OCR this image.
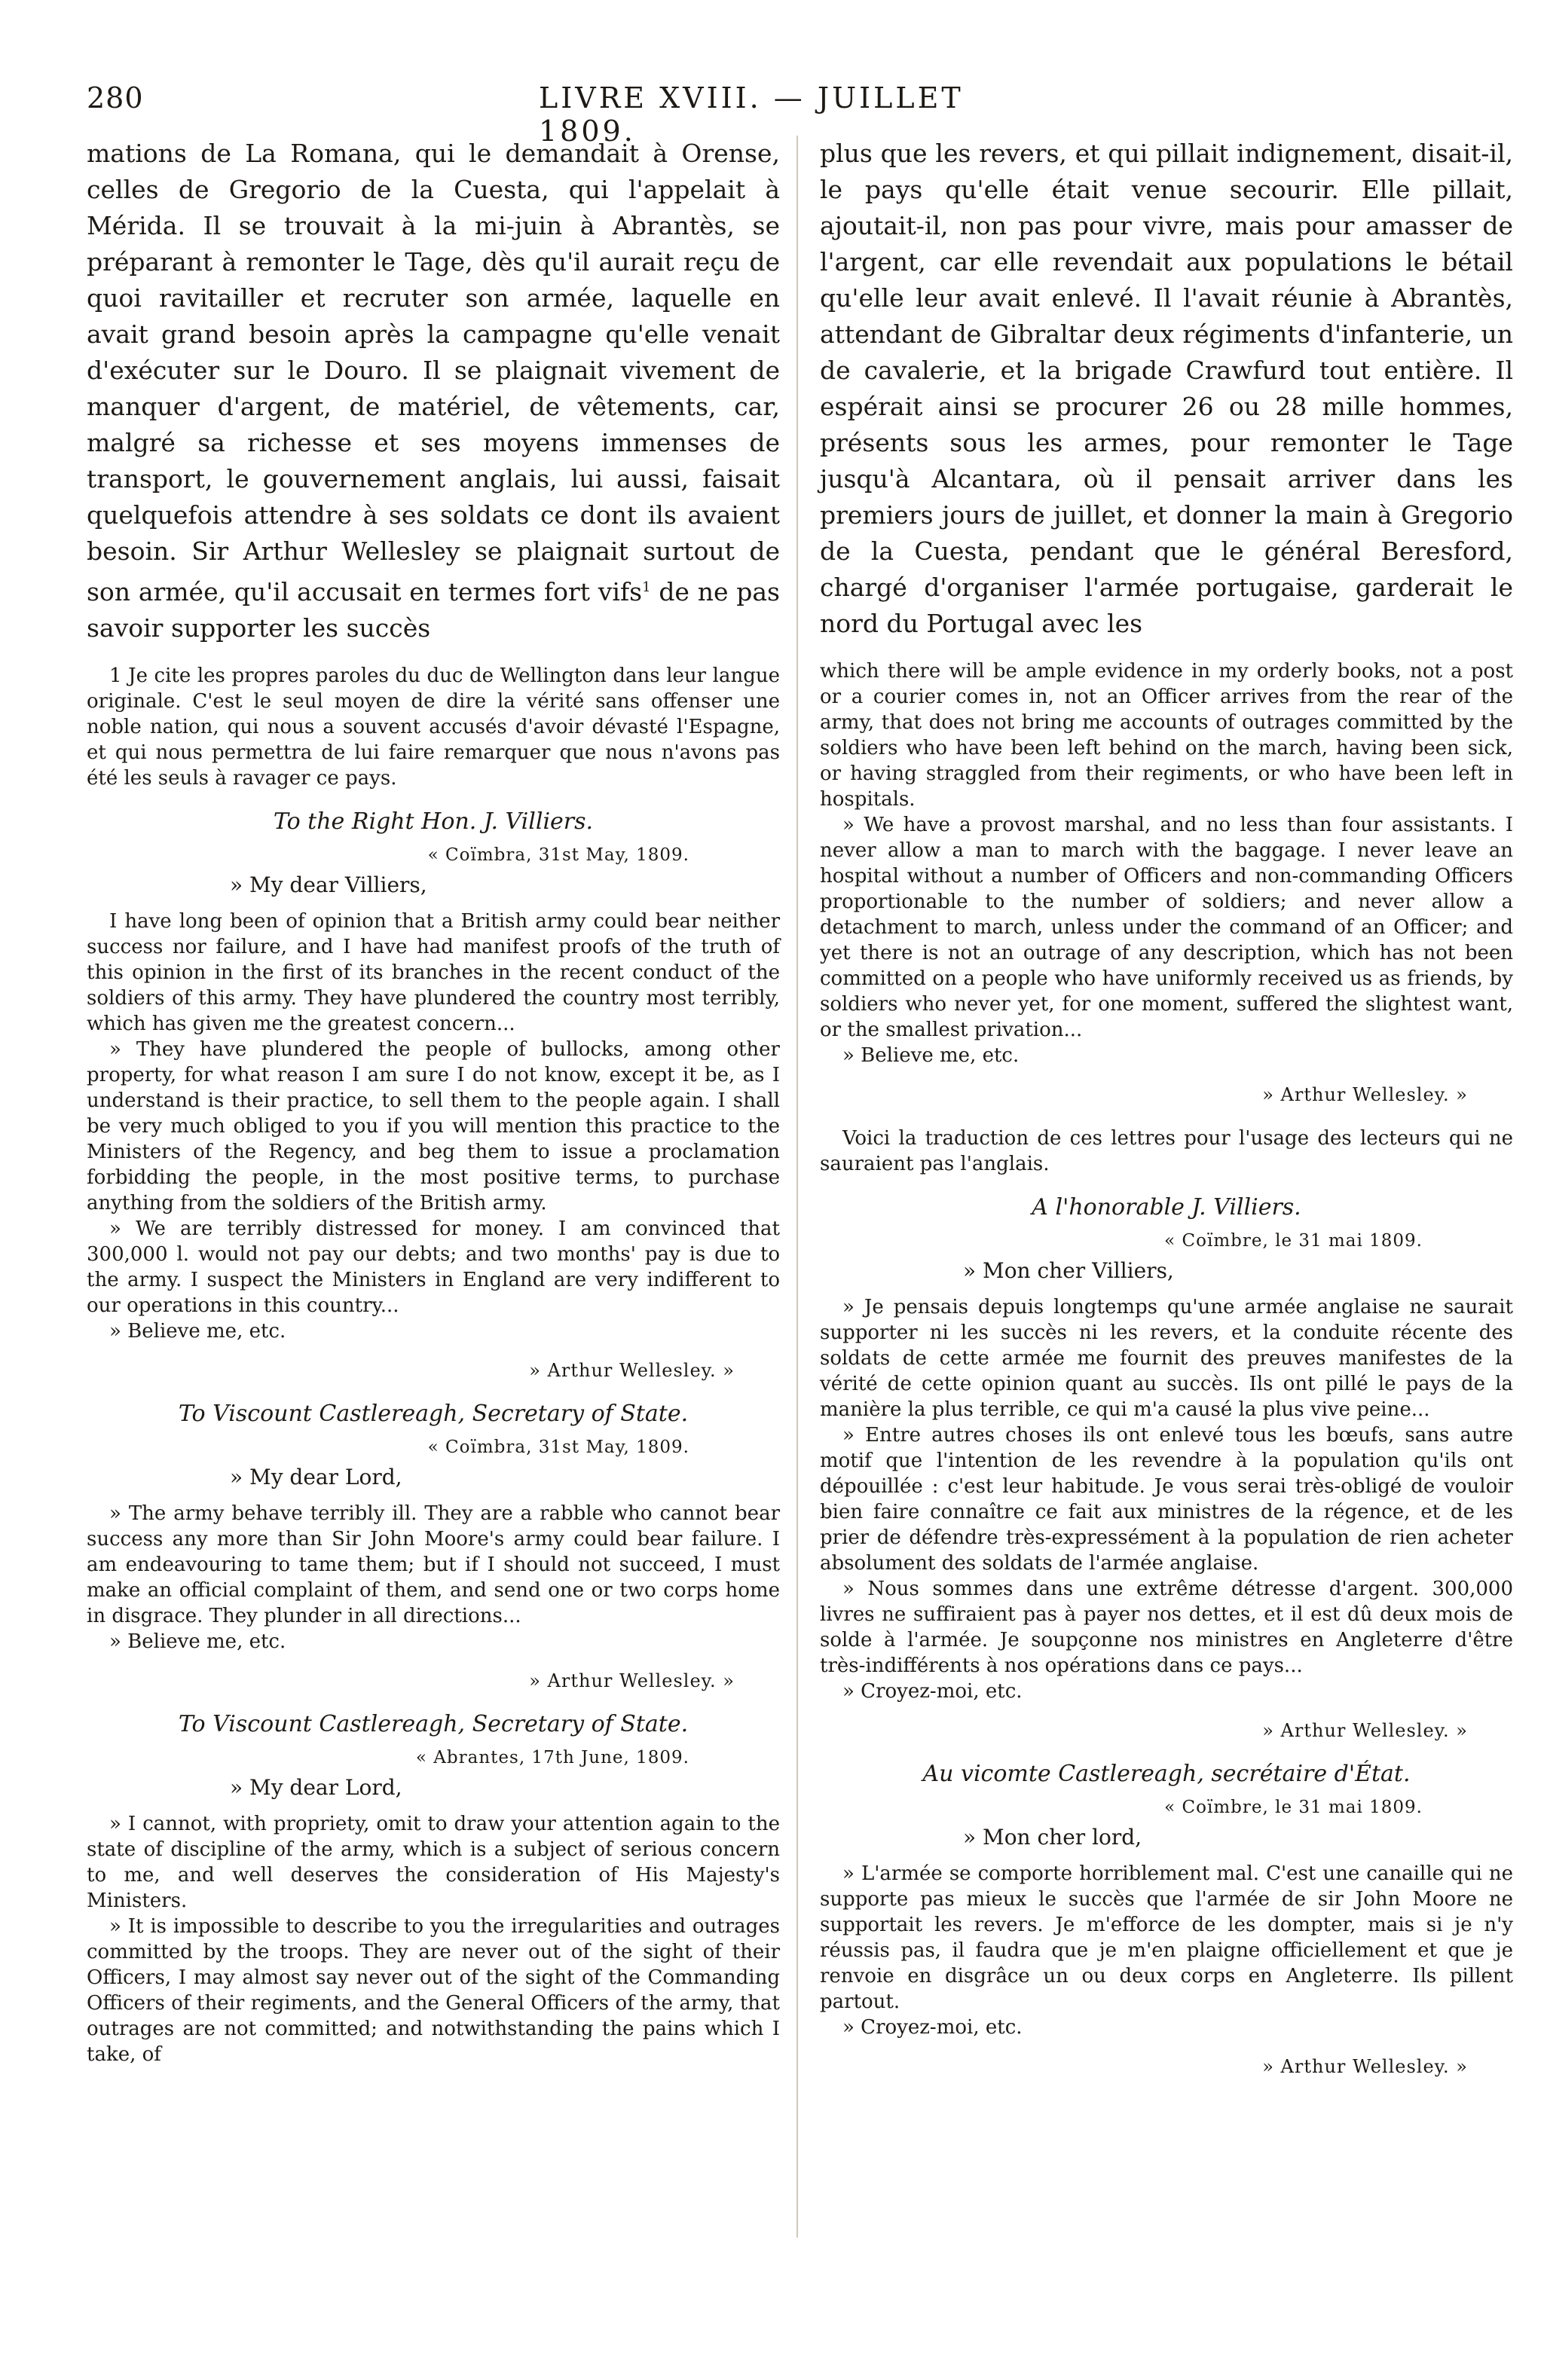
280	LIVRE XVIII. — JUILLET 1809.

mations de La Romana, qui le demandait à Orense, celles de Gregorio de la Cuesta, qui l'appelait à Mérida. Il se trouvait à la mi-juin à Abrantès, se préparant à remonter le Tage, dès qu'il aurait reçu de quoi ravitailler et recruter son armée, laquelle en avait grand besoin après la campagne qu'elle venait d'exécuter sur le Douro. Il se plaignait vivement de manquer d'argent, de matériel, de vêtements, car, malgré sa richesse et ses moyens immenses de transport, le gouvernement anglais, lui aussi, faisait quelquefois attendre à ses soldats ce dont ils avaient besoin. Sir Arthur Wellesley se plaignait surtout de son armée, qu'il accusait en termes fort vifs$^1$ de ne pas savoir supporter les succès

1 Je cite les propres paroles du duc de Wellington dans leur langue originale. C'est le seul moyen de dire la vérité sans offenser une noble nation, qui nous a souvent accusés d'avoir dévasté l'Espagne, et qui nous permettra de lui faire remarquer que nous n'avons pas été les seuls à ravager ce pays.

To the Right Hon. J. Villiers.
« Coïmbra, 31st May, 1809.
» My dear Villiers,

I have long been of opinion that a British army could bear neither success nor failure, and I have had manifest proofs of the truth of this opinion in the first of its branches in the recent conduct of the soldiers of this army. They have plundered the country most terribly, which has given me the greatest concern...

» They have plundered the people of bullocks, among other property, for what reason I am sure I do not know, except it be, as I understand is their practice, to sell them to the people again. I shall be very much obliged to you if you will mention this practice to the Ministers of the Regency, and beg them to issue a proclamation forbidding the people, in the most positive terms, to purchase anything from the soldiers of the British army.

» We are terribly distressed for money. I am convinced that 300,000 l. would not pay our debts; and two months' pay is due to the army. I suspect the Ministers in England are very indifferent to our operations in this country...

» Believe me, etc.

» Arthur Wellesley. »
To Viscount Castlereagh, Secretary of State.
« Coïmbra, 31st May, 1809.
» My dear Lord,

» The army behave terribly ill. They are a rabble who cannot bear success any more than Sir John Moore's army could bear failure. I am endeavouring to tame them; but if I should not succeed, I must make an official complaint of them, and send one or two corps home in disgrace. They plunder in all directions...

» Believe me, etc.

» Arthur Wellesley. »
To Viscount Castlereagh, Secretary of State.
« Abrantes, 17th June, 1809.
» My dear Lord,

» I cannot, with propriety, omit to draw your attention again to the state of discipline of the army, which is a subject of serious concern to me, and well deserves the consideration of His Majesty's Ministers.

» It is impossible to describe to you the irregularities and outrages committed by the troops. They are never out of the sight of their Officers, I may almost say never out of the sight of the Commanding Officers of their regiments, and the General Officers of the army, that outrages are not committed; and notwithstanding the pains which I take, of

plus que les revers, et qui pillait indignement, disait-il, le pays qu'elle était venue secourir. Elle pillait, ajoutait-il, non pas pour vivre, mais pour amasser de l'argent, car elle revendait aux populations le bétail qu'elle leur avait enlevé. Il l'avait réunie à Abrantès, attendant de Gibraltar deux régiments d'infanterie, un de cavalerie, et la brigade Crawfurd tout entière. Il espérait ainsi se procurer 26 ou 28 mille hommes, présents sous les armes, pour remonter le Tage jusqu'à Alcantara, où il pensait arriver dans les premiers jours de juillet, et donner la main à Gregorio de la Cuesta, pendant que le général Beresford, chargé d'organiser l'armée portugaise, garderait le nord du Portugal avec les

which there will be ample evidence in my orderly books, not a post or a courier comes in, not an Officer arrives from the rear of the army, that does not bring me accounts of outrages committed by the soldiers who have been left behind on the march, having been sick, or having straggled from their regiments, or who have been left in hospitals.

» We have a provost marshal, and no less than four assistants. I never allow a man to march with the baggage. I never leave an hospital without a number of Officers and non-commanding Officers proportionable to the number of soldiers; and never allow a detachment to march, unless under the command of an Officer; and yet there is not an outrage of any description, which has not been committed on a people who have uniformly received us as friends, by soldiers who never yet, for one moment, suffered the slightest want, or the smallest privation...

» Believe me, etc.

» Arthur Wellesley. »

Voici la traduction de ces lettres pour l'usage des lecteurs qui ne sauraient pas l'anglais.

A l'honorable J. Villiers.
« Coïmbre, le 31 mai 1809.
» Mon cher Villiers,

» Je pensais depuis longtemps qu'une armée anglaise ne saurait supporter ni les succès ni les revers, et la conduite récente des soldats de cette armée me fournit des preuves manifestes de la vérité de cette opinion quant au succès. Ils ont pillé le pays de la manière la plus terrible, ce qui m'a causé la plus vive peine...

» Entre autres choses ils ont enlevé tous les bœufs, sans autre motif que l'intention de les revendre à la population qu'ils ont dépouillée : c'est leur habitude. Je vous serai très-obligé de vouloir bien faire connaître ce fait aux ministres de la régence, et de les prier de défendre très-expressément à la population de rien acheter absolument des soldats de l'armée anglaise.

» Nous sommes dans une extrême détresse d'argent. 300,000 livres ne suffiraient pas à payer nos dettes, et il est dû deux mois de solde à l'armée. Je soupçonne nos ministres en Angleterre d'être très-indifférents à nos opérations dans ce pays...

» Croyez-moi, etc.

» Arthur Wellesley. »
Au vicomte Castlereagh, secrétaire d'État.
« Coïmbre, le 31 mai 1809.
» Mon cher lord,

» L'armée se comporte horriblement mal. C'est une canaille qui ne supporte pas mieux le succès que l'armée de sir John Moore ne supportait les revers. Je m'efforce de les dompter, mais si je n'y réussis pas, il faudra que je m'en plaigne officiellement et que je renvoie en disgrâce un ou deux corps en Angleterre. Ils pillent partout.

» Croyez-moi, etc.

» Arthur Wellesley. »
